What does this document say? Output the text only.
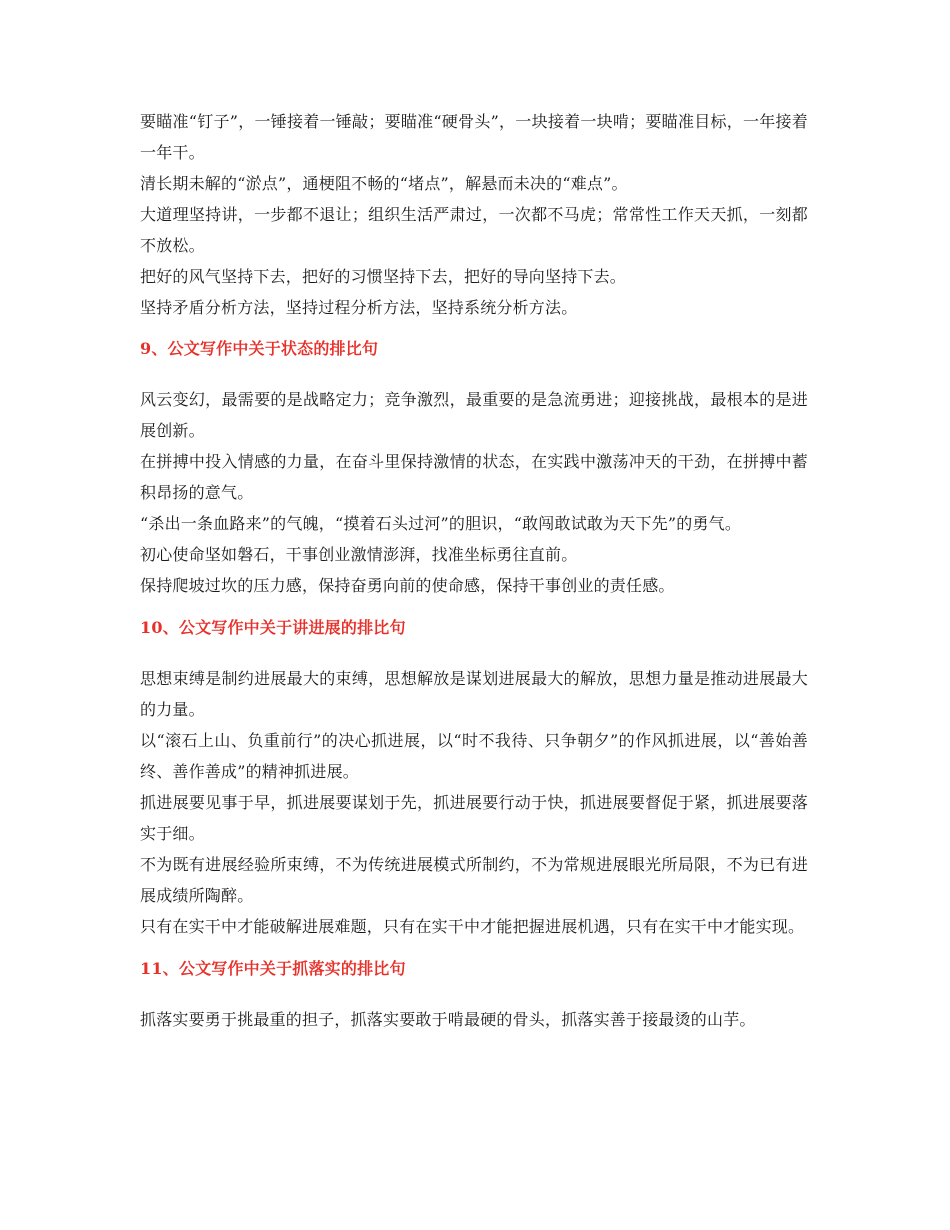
要瞄准“钉子”，一锤接着一锤敲；要瞄准“硬骨头”，一块接着一块啃；要瞄准目标，一年接着一年干。

清长期未解的“淤点”，通梗阻不畅的“堵点”，解悬而未决的“难点”。

大道理坚持讲，一步都不退让；组织生活严肃过，一次都不马虎；常常性工作天天抓，一刻都不放松。

把好的风气坚持下去，把好的习惯坚持下去，把好的导向坚持下去。

坚持矛盾分析方法，坚持过程分析方法，坚持系统分析方法。

9、公文写作中关于状态的排比句

风云变幻，最需要的是战略定力；竞争激烈，最重要的是急流勇进；迎接挑战，最根本的是进展创新。

在拼搏中投入情感的力量，在奋斗里保持激情的状态，在实践中激荡冲天的干劲，在拼搏中蓄积昂扬的意气。

“杀出一条血路来”的气魄，“摸着石头过河”的胆识，“敢闯敢试敢为天下先”的勇气。

初心使命坚如磐石，干事创业激情澎湃，找准坐标勇往直前。

保持爬坡过坎的压力感，保持奋勇向前的使命感，保持干事创业的责任感。

10、公文写作中关于讲进展的排比句

思想束缚是制约进展最大的束缚，思想解放是谋划进展最大的解放，思想力量是推动进展最大的力量。

以“滚石上山、负重前行”的决心抓进展，以“时不我待、只争朝夕”的作风抓进展，以“善始善终、善作善成”的精神抓进展。

抓进展要见事于早，抓进展要谋划于先，抓进展要行动于快，抓进展要督促于紧，抓进展要落实于细。

不为既有进展经验所束缚，不为传统进展模式所制约，不为常规进展眼光所局限，不为已有进展成绩所陶醉。

只有在实干中才能破解进展难题，只有在实干中才能把握进展机遇，只有在实干中才能实现。

11、公文写作中关于抓落实的排比句

抓落实要勇于挑最重的担子，抓落实要敢于啃最硬的骨头，抓落实善于接最烫的山芋。
